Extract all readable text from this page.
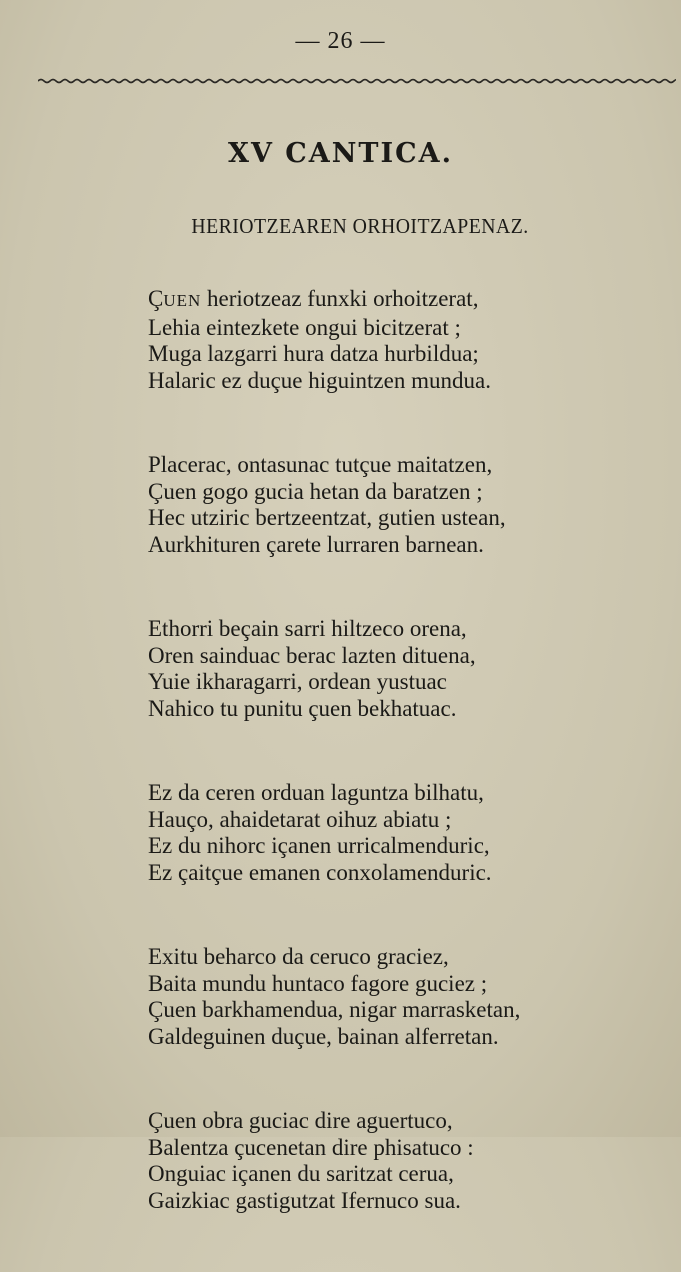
— 26 —
XV CANTICA.
HERIOTZEAREN ORHOITZAPENAZ.
ÇUEN heriotzeaz funxki orhoitzerat,
Lehia eintezkete ongui bicitzerat ;
Muga lazgarri hura datza hurbildua;
Halaric ez duçue higuintzen mundua.
Placerac, ontasunac tutçue maitatzen,
Çuen gogo gucia hetan da baratzen ;
Hec utziric bertzeentzat, gutien ustean,
Aurkhituren çarete lurraren barnean.
Ethorri beçain sarri hiltzeco orena,
Oren sainduac berac lazten dituena,
Yuie ikharagarri, ordean yustuac
Nahico tu punitu çuen bekhatuac.
Ez da ceren orduan laguntza bilhatu,
Hauço, ahaidetarat oihuz abiatu ;
Ez du nihorc içanen urricalmenduric,
Ez çaitçue emanen conxolamenduric.
Exitu beharco da ceruco graciez,
Baita mundu huntaco fagore guciez ;
Çuen barkhamendua, nigar marrasketan,
Galdeguinen duçue, bainan alferretan.
Çuen obra guciac dire aguertuco,
Balentza çucenetan dire phisatuco :
Onguiac içanen du saritzat cerua,
Gaizkiac gastigutzat Ifernuco sua.
